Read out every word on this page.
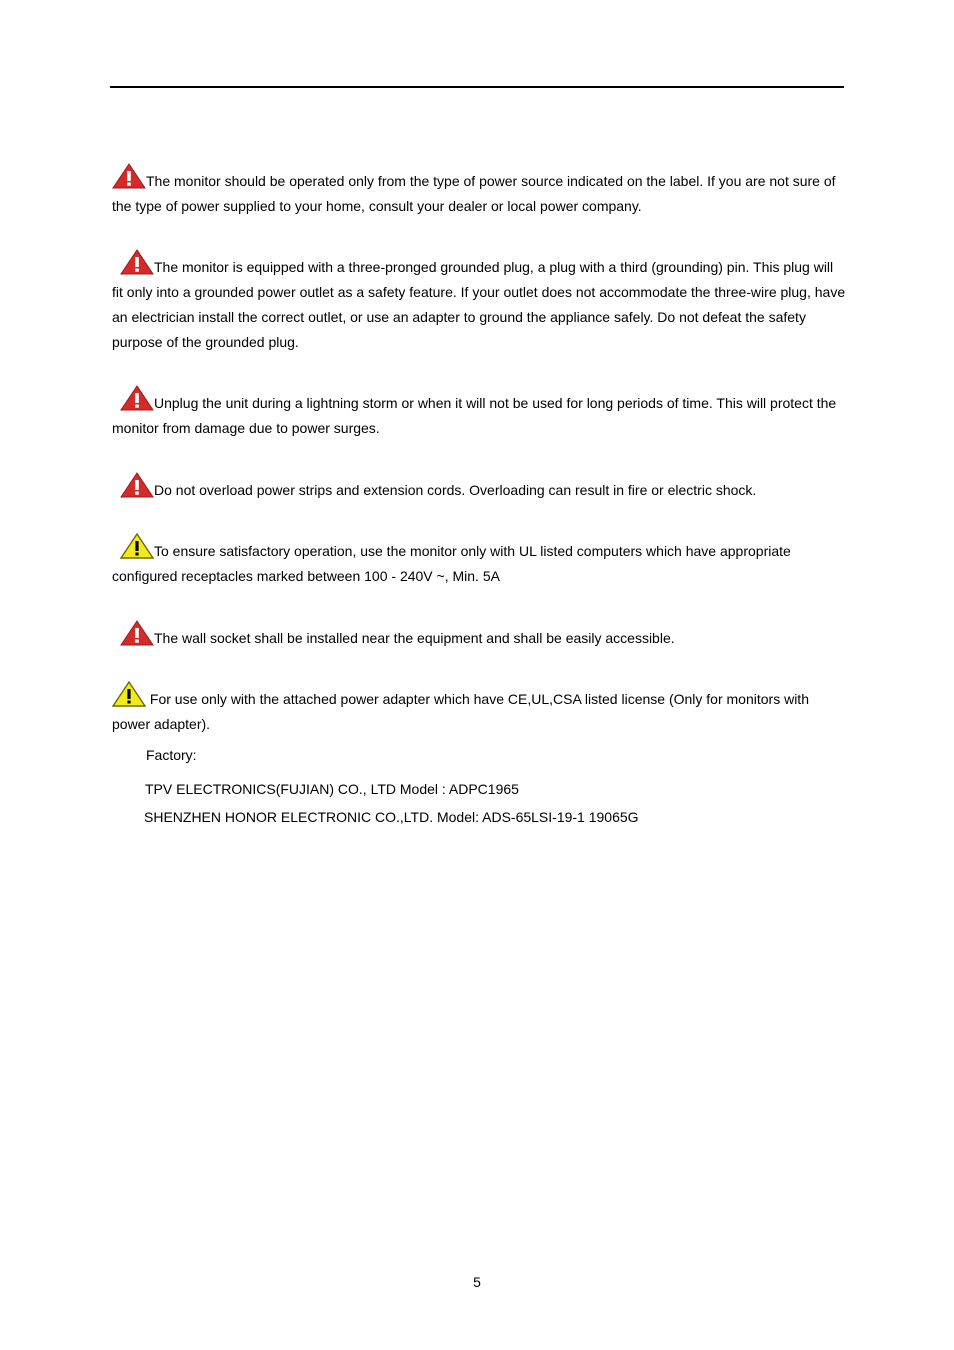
The monitor should be operated only from the type of power source indicated on the label. If you are not sure of the type of power supplied to your home, consult your dealer or local power company.

The monitor is equipped with a three-pronged grounded plug, a plug with a third (grounding) pin. This plug will fit only into a grounded power outlet as a safety feature. If your outlet does not accommodate the three-wire plug, have an electrician install the correct outlet, or use an adapter to ground the appliance safely. Do not defeat the safety purpose of the grounded plug.

Unplug the unit during a lightning storm or when it will not be used for long periods of time. This will protect the monitor from damage due to power surges.

Do not overload power strips and extension cords. Overloading can result in fire or electric shock.

To ensure satisfactory operation, use the monitor only with UL listed computers which have appropriate configured receptacles marked between 100 - 240V ~, Min. 5A

The wall socket shall be installed near the equipment and shall be easily accessible.

For use only with the attached power adapter which have CE,UL,CSA listed license (Only for monitors with power adapter).

Factory:
TPV ELECTRONICS(FUJIAN) CO., LTD Model : ADPC1965
SHENZHEN HONOR ELECTRONIC CO.,LTD. Model: ADS-65LSI-19-1 19065G
5
